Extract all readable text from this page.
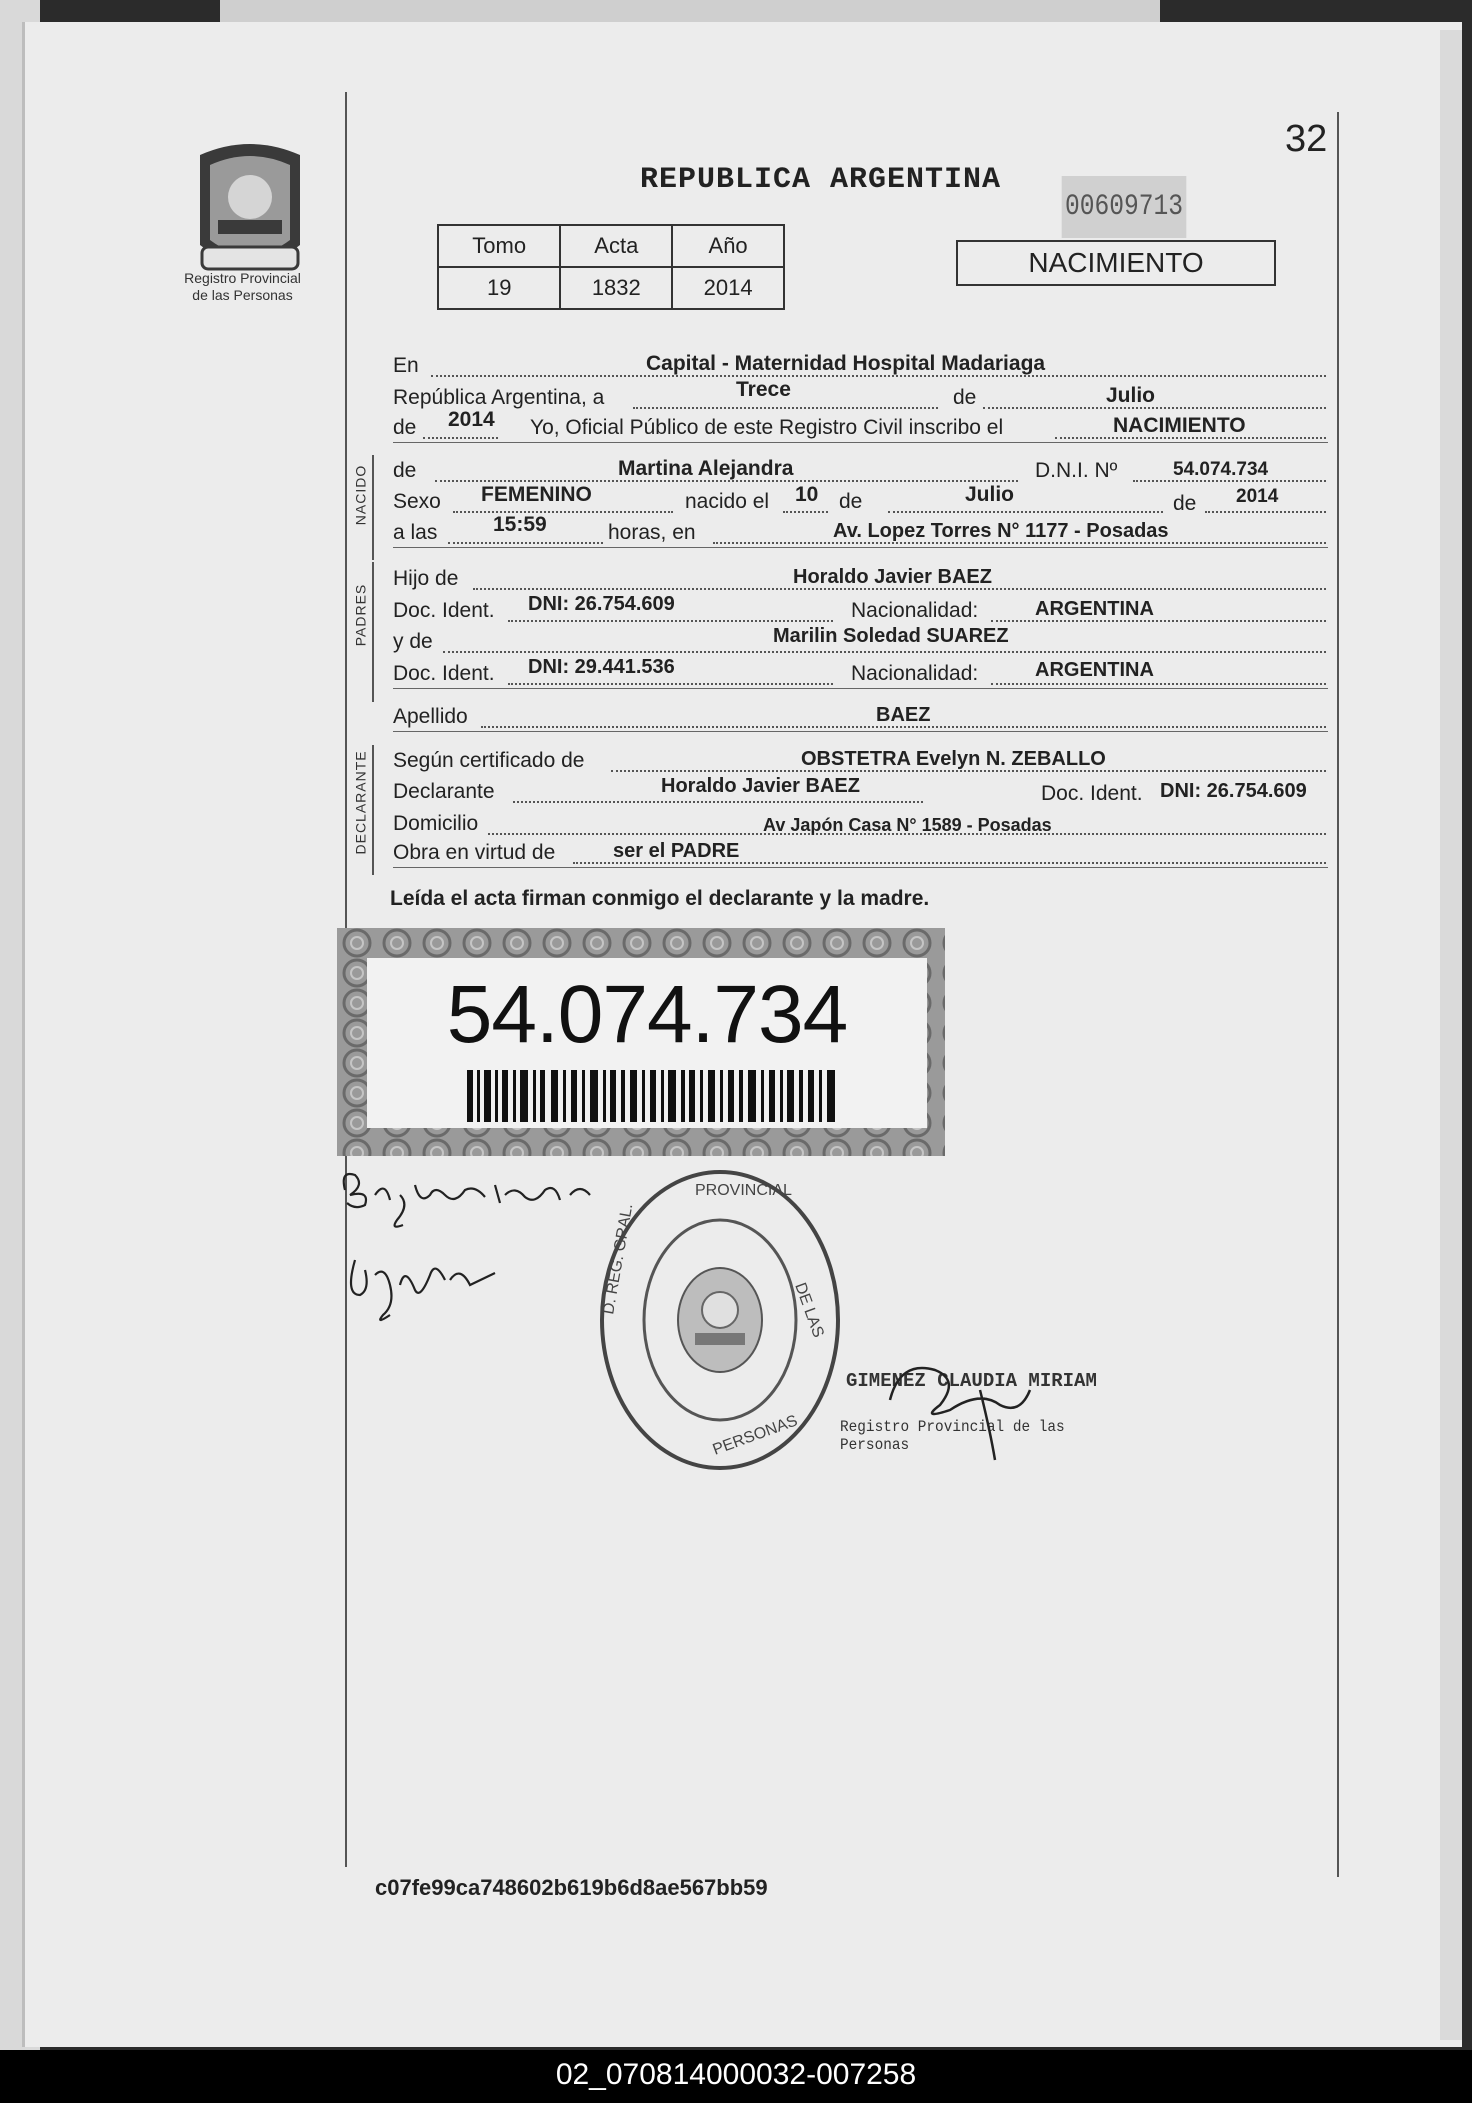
Registro Provincial
de las Personas
32
REPUBLICA ARGENTINA
00609713
Tomo	Acta	Año
19	1832	2014
NACIMIENTO
En	Capital - Maternidad Hospital Madariaga
República Argentina, a	Trece	de	Julio
de 2014 Yo, Oficial Público de este Registro Civil inscribo el	NACIMIENTO
NACIDO de	Martina Alejandra	D.N.I. Nº	54.074.734
Sexo FEMENINO	nacido el 10 de	Julio	de 2014
a las	15:59	horas, en	Av. Lopez Torres N° 1177 - Posadas
PADRES
Hijo de	Horaldo Javier BAEZ
Doc. Ident. DNI: 26.754.609	Nacionalidad:	ARGENTINA
y de	Marilin Soledad SUAREZ
Doc. Ident. DNI: 29.441.536	Nacionalidad:	ARGENTINA
Apellido	BAEZ
DECLARANTE Según certificado de	OBSTETRA Evelyn N. ZEBALLO
Declarante	Horaldo Javier BAEZ	Doc. Ident. DNI: 26.754.609
Domicilio	Av Japón Casa N° 1589 - Posadas
Obra en virtud de	ser el PADRE
Leída el acta firman conmigo el declarante y la madre.
54.074.734
PROVINCIAL
DE LAS
PERSONAS
D. REG. GRAL.
GIMENEZ CLAUDIA MIRIAM
Registro Provincial de las Personas
c07fe99ca748602b619b6d8ae567bb59
02_070814000032-007258
